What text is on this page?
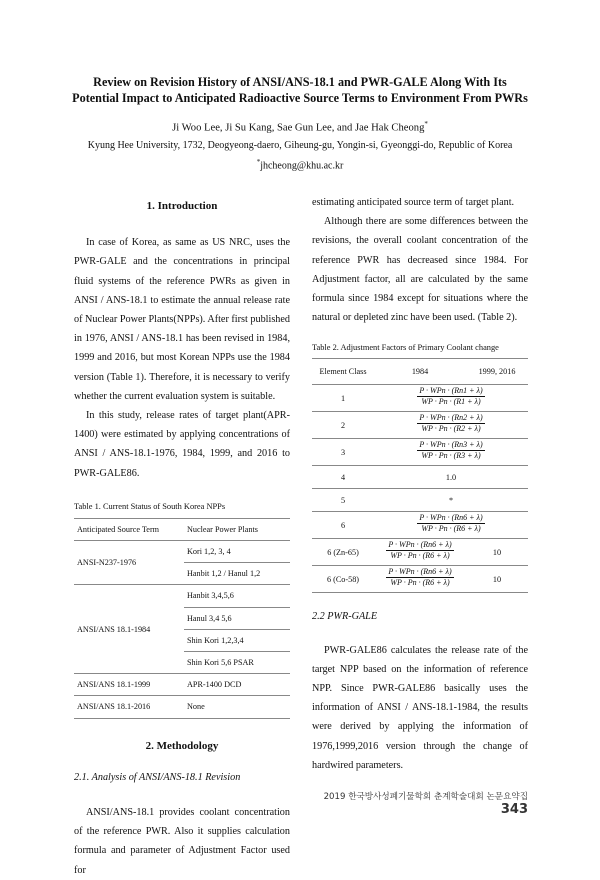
Review on Revision History of ANSI/ANS-18.1 and PWR-GALE Along With Its
Potential Impact to Anticipated Radioactive Source Terms to Environment From PWRs
Ji Woo Lee, Ji Su Kang, Sae Gun Lee, and Jae Hak Cheong*
Kyung Hee University, 1732, Deogyeong-daero, Giheung-gu, Yongin-si, Gyeonggi-do, Republic of Korea
*jhcheong@khu.ac.kr
1. Introduction

In case of Korea, as same as US NRC, uses the PWR-GALE and the concentrations in principal fluid systems of the reference PWRs as given in ANSI / ANS-18.1 to estimate the annual release rate of Nuclear Power Plants(NPPs). After first published in 1976, ANSI / ANS-18.1 has been revised in 1984, 1999 and 2016, but most Korean NPPs use the 1984 version (Table 1). Therefore, it is necessary to verify whether the current evaluation system is suitable.

In this study, release rates of target plant(APR-1400) were estimated by applying concentrations of ANSI / ANS-18.1-1976, 1984, 1999, and 2016 to PWR-GALE86.

Table 1. Current Status of South Korea NPPs
Anticipated Source Term	Nuclear Power Plants
ANSI-N237-1976	Kori 1,2, 3, 4
	Hanbit 1,2 / Hanul 1,2
ANSI/ANS 18.1-1984	Hanbit 3,4,5,6
	Hanul 3,4 5,6
	Shin Kori 1,2,3,4
	Shin Kori 5,6 PSAR
ANSI/ANS 18.1-1999	APR-1400 DCD
ANSI/ANS 18.1-2016	None
2. Methodology
2.1. Analysis of ANSI/ANS-18.1 Revision

ANSI/ANS-18.1 provides coolant concentration of the reference PWR. Also it supplies calculation formula and parameter of Adjustment Factor used for

estimating anticipated source term of target plant.

Although there are some differences between the revisions, the overall coolant concentration of the reference PWR has decreased since 1984. For Adjustment factor, all are calculated by the same formula since 1984 except for situations where the natural or depleted zinc have been used. (Table 2).

Table 2. Adjustment Factors of Primary Coolant change
Element Class	1984	1999, 2016
1	$\frac{\text{P · WPn · (Rn1 + λ)}}{WP \cdot Pn \cdot (R1 + \lambda)}$

2	$\frac{\text{P · WPn · (Rn2 + λ)}}{WP \cdot Pn \cdot (R2 + \lambda)}$

3	$\frac{\text{P · WPn · (Rn3 + λ)}}{WP \cdot Pn \cdot (R3 + \lambda)}$

4	1.0	
5	*	
6	$\frac{\text{P · WPn · (Rn6 + λ)}}{WP \cdot Pn \cdot (R6 + \lambda)}$

6 (Zn-65)	$\frac{\text{P · WPn · (Rn6 + λ)}}{WP \cdot Pn \cdot (R6 + \lambda)}$	10
6 (Co-58)	$\frac{\text{P · WPn · (Rn6 + λ)}}{WP \cdot Pn \cdot (R6 + \lambda)}$	10
2.2 PWR-GALE

PWR-GALE86 calculates the release rate of the target NPP based on the information of reference NPP. Since PWR-GALE86 basically uses the information of ANSI / ANS-18.1-1984, the results were derived by applying the information of 1976,1999,2016 version through the change of hardwired parameters.

2019 한국방사성폐기물학회 춘계학술대회 논문요약집343
